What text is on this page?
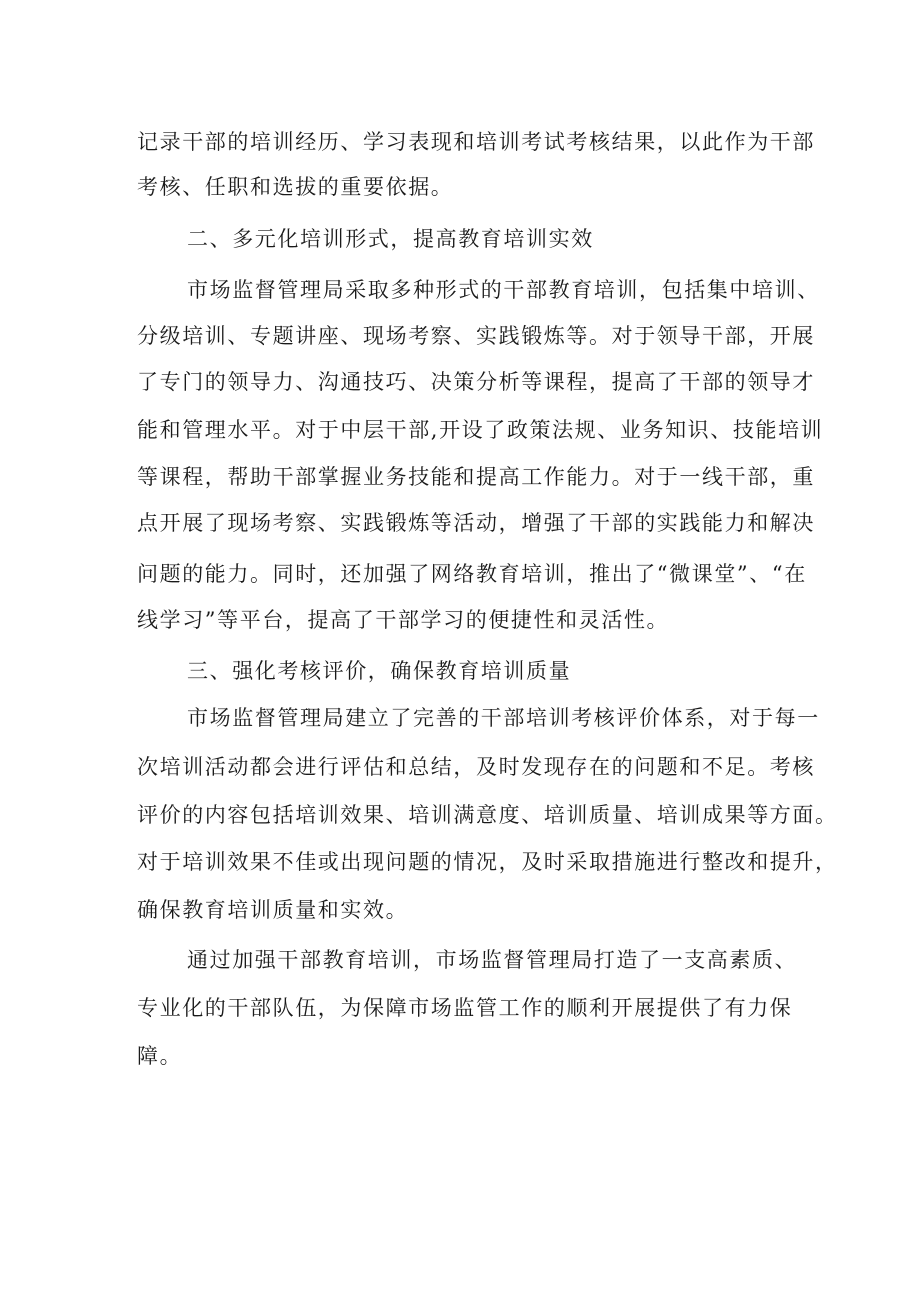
记录干部的培训经历、学习表现和培训考试考核结果，以此作为干部
考核、任职和选拔的重要依据。
二、多元化培训形式，提高教育培训实效
市场监督管理局采取多种形式的干部教育培训，包括集中培训、
分级培训、专题讲座、现场考察、实践锻炼等。对于领导干部，开展
了专门的领导力、沟通技巧、决策分析等课程，提高了干部的领导才
能和管理水平。对于中层干部,开设了政策法规、业务知识、技能培训
等课程，帮助干部掌握业务技能和提高工作能力。对于一线干部，重
点开展了现场考察、实践锻炼等活动，增强了干部的实践能力和解决
问题的能力。同时，还加强了网络教育培训，推出了“微课堂”、“在
线学习”等平台，提高了干部学习的便捷性和灵活性。
三、强化考核评价，确保教育培训质量
市场监督管理局建立了完善的干部培训考核评价体系，对于每一
次培训活动都会进行评估和总结，及时发现存在的问题和不足。考核
评价的内容包括培训效果、培训满意度、培训质量、培训成果等方面。
对于培训效果不佳或出现问题的情况，及时采取措施进行整改和提升，
确保教育培训质量和实效。
通过加强干部教育培训，市场监督管理局打造了一支高素质、
专业化的干部队伍，为保障市场监管工作的顺利开展提供了有力保
障。
